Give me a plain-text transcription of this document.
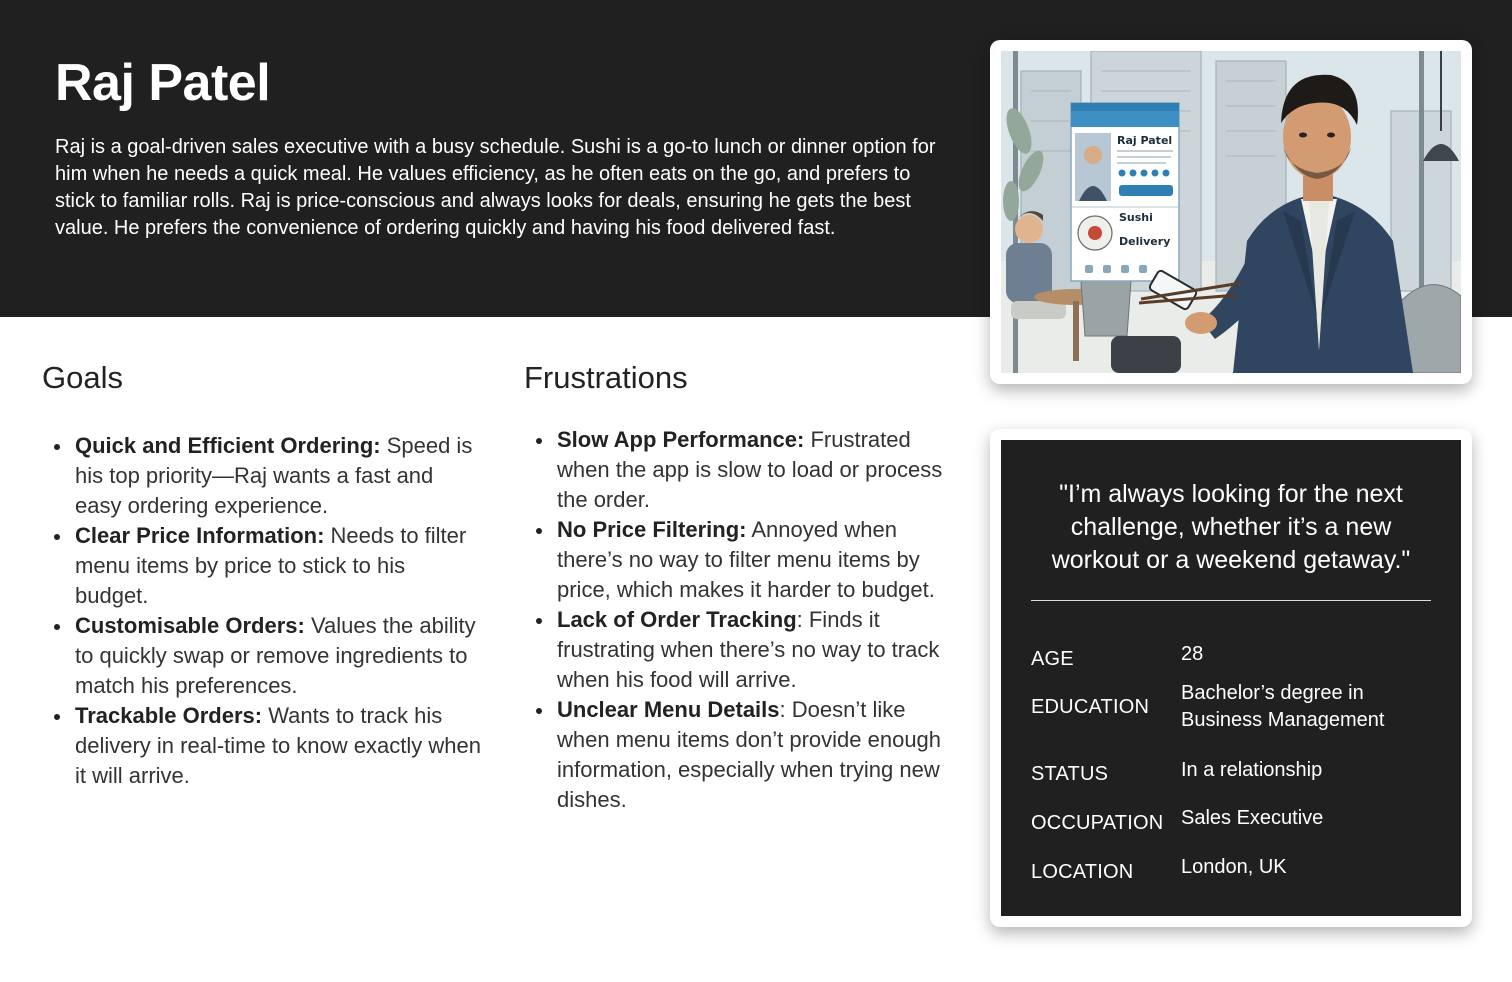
Raj Patel

Raj is a goal-driven sales executive with a busy schedule. Sushi is a go-to lunch or dinner option for him when he needs a quick meal. He values efficiency, as he often eats on the go, and prefers to stick to familiar rolls. Raj is price-conscious and always looks for deals, ensuring he gets the best value. He prefers the convenience of ordering quickly and having his food delivered fast.

Raj Patel
Sushi
Delivery
Goals
Quick and Efficient Ordering: Speed is his top priority—Raj wants a fast and easy ordering experience.
Clear Price Information: Needs to filter menu items by price to stick to his budget.
Customisable Orders: Values the ability to quickly swap or remove ingredients to match his preferences.
Trackable Orders: Wants to track his delivery in real-time to know exactly when it will arrive.
Frustrations
Slow App Performance: Frustrated when the app is slow to load or process the order.
No Price Filtering: Annoyed when there’s no way to filter menu items by price, which makes it harder to budget.
Lack of Order Tracking: Finds it frustrating when there’s no way to track when his food will arrive.
Unclear Menu Details: Doesn’t like when menu items don’t provide enough information, especially when trying new dishes.

"I’m always looking for the next challenge, whether it’s a new workout or a weekend getaway."

AGE	28
EDUCATION
Bachelor’s degree in Business Management
STATUS	In a relationship
OCCUPATION Sales Executive
LOCATION London, UK
